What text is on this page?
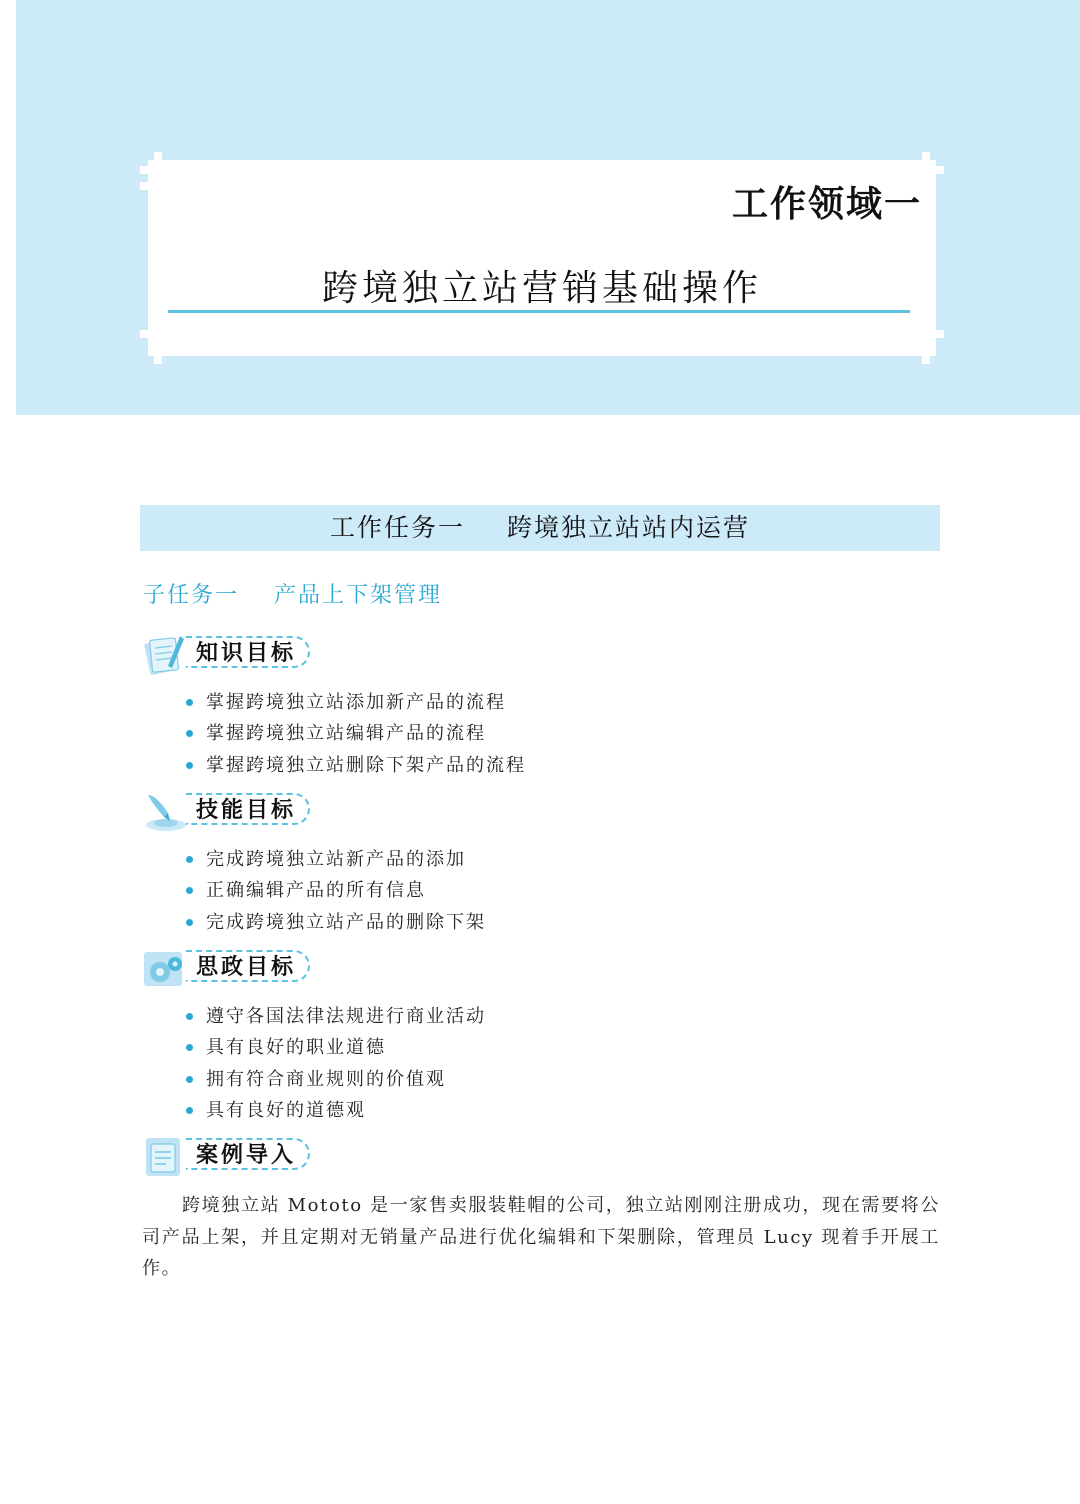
工作领域一
跨境独立站营销基础操作
工作任务一 跨境独立站站内运营
子任务一 产品上下架管理
知识目标
掌握跨境独立站添加新产品的流程
掌握跨境独立站编辑产品的流程
掌握跨境独立站删除下架产品的流程
技能目标
完成跨境独立站新产品的添加
正确编辑产品的所有信息
完成跨境独立站产品的删除下架
思政目标
遵守各国法律法规进行商业活动
具有良好的职业道德
拥有符合商业规则的价值观
具有良好的道德观
案例导入

跨境独立站 Mototo 是一家售卖服装鞋帽的公司，独立站刚刚注册成功，现在需要将公司产品上架，并且定期对无销量产品进行优化编辑和下架删除，管理员 Lucy 现着手开展工作。
